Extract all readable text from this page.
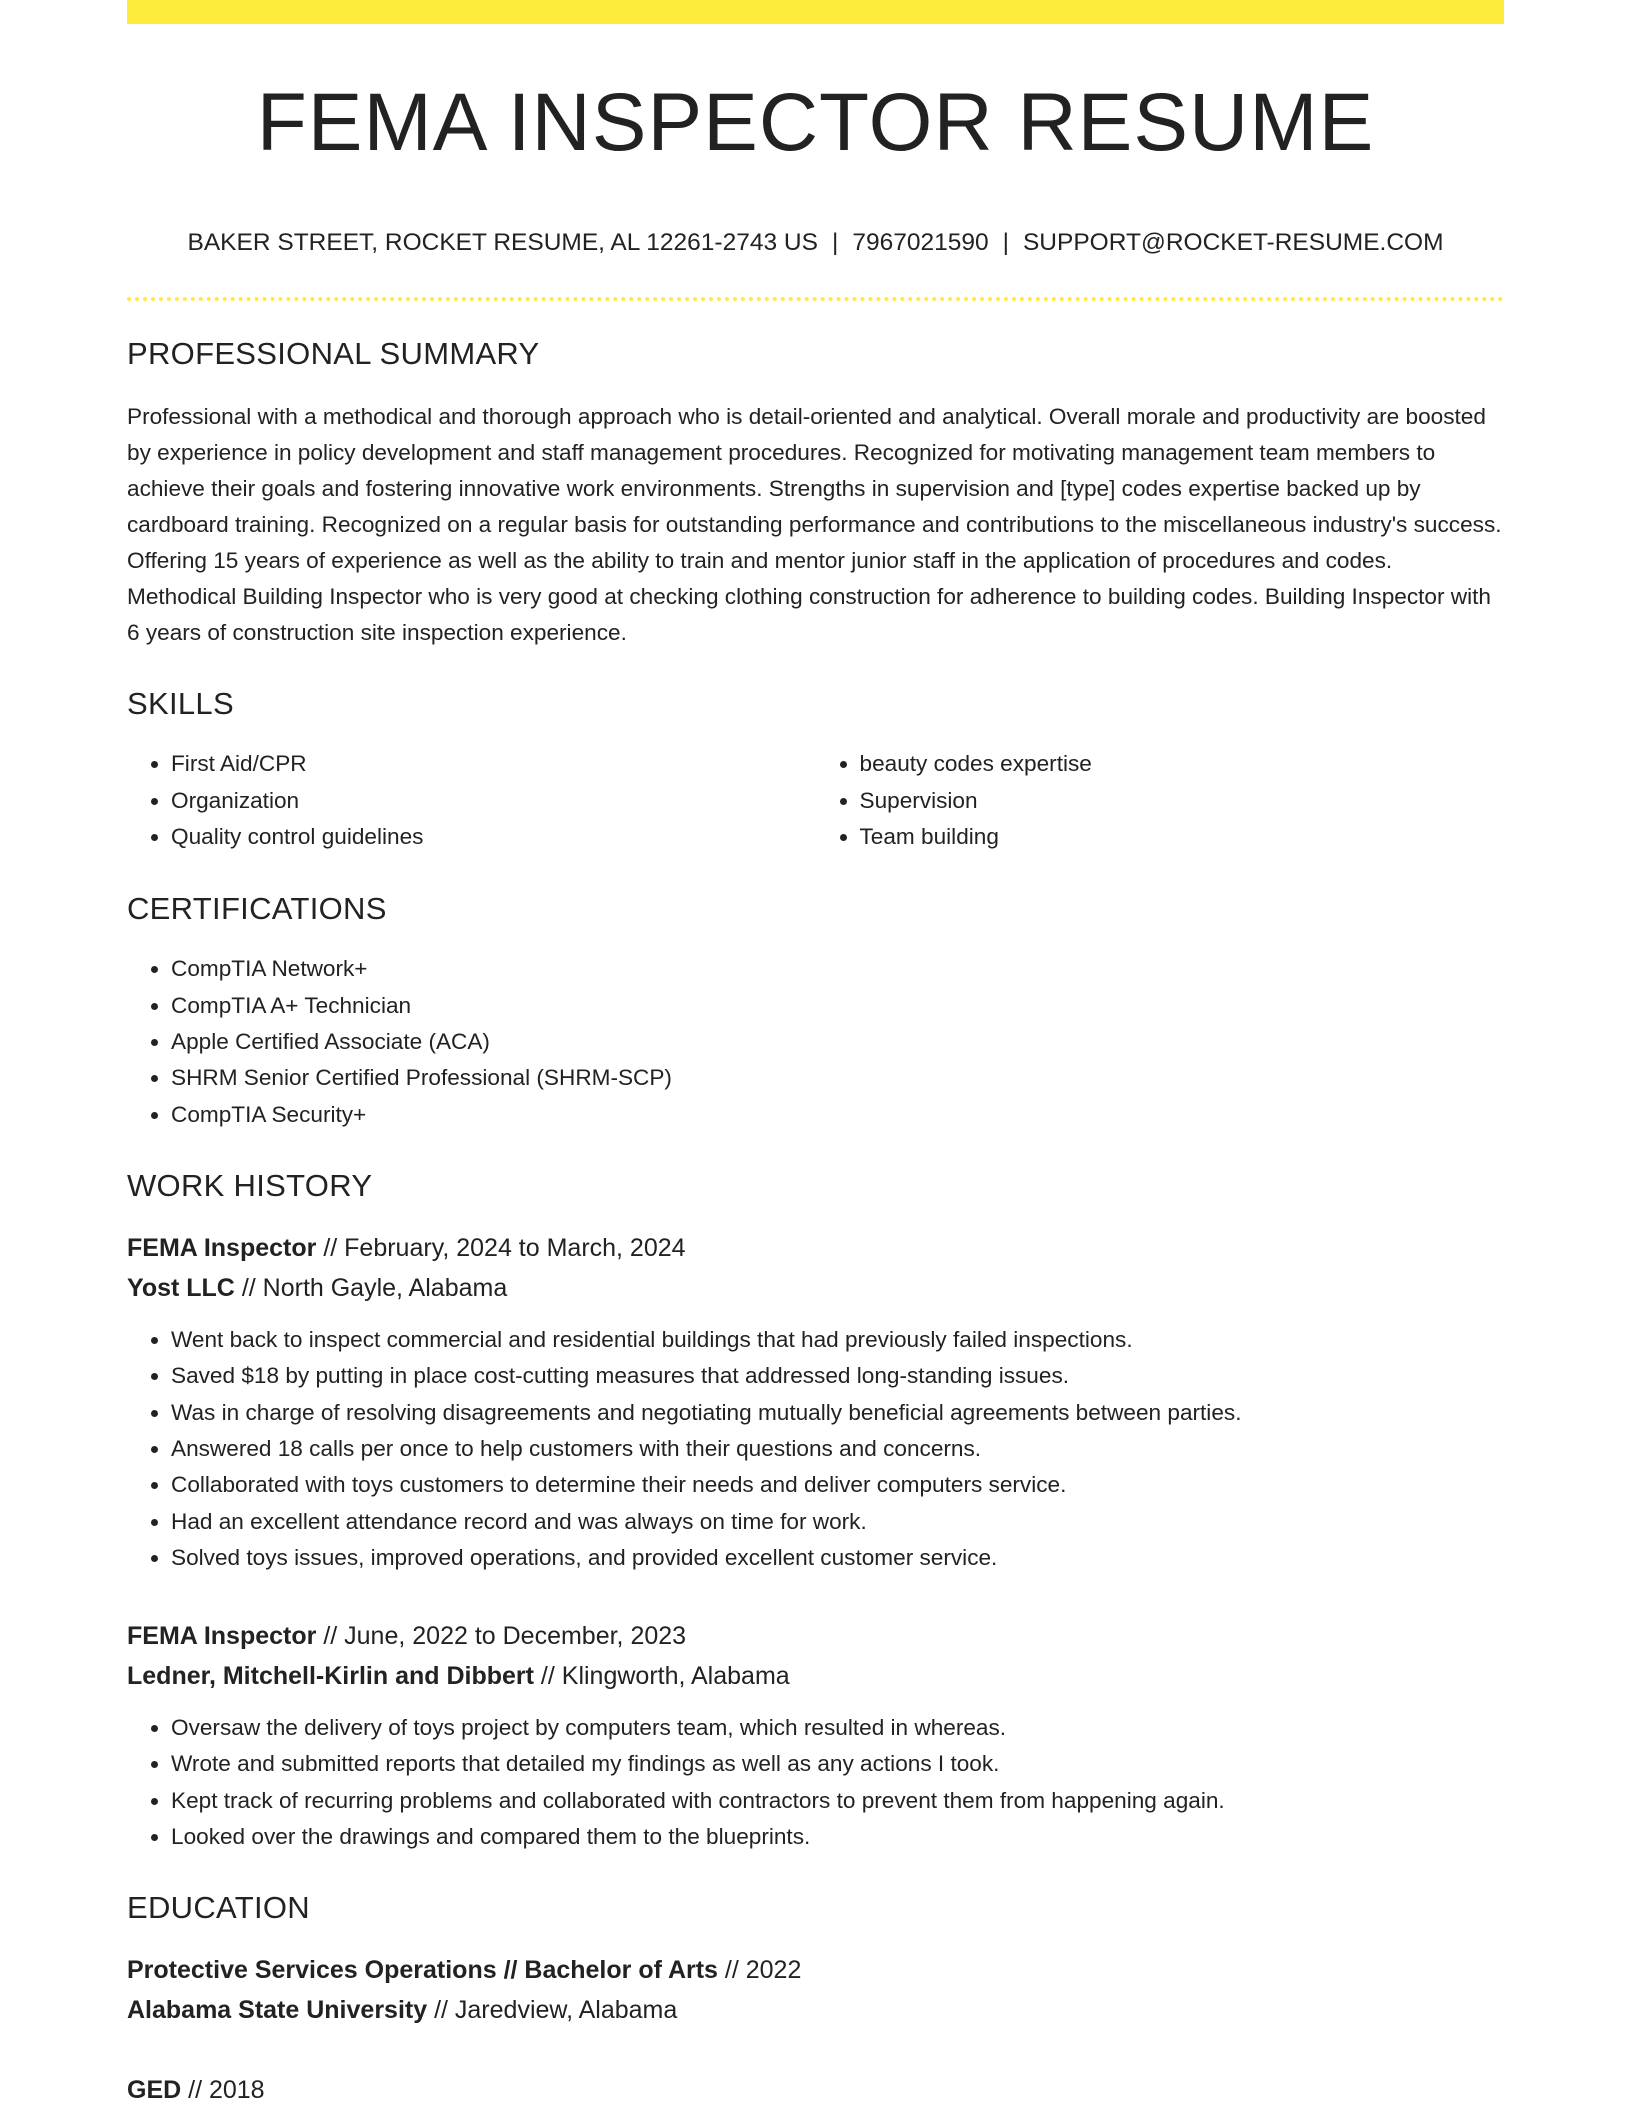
FEMA INSPECTOR RESUME
BAKER STREET, ROCKET RESUME, AL 12261-2743 US | 7967021590 | SUPPORT@ROCKET-RESUME.COM
PROFESSIONAL SUMMARY

Professional with a methodical and thorough approach who is detail-oriented and analytical. Overall morale and productivity are boosted by experience in policy development and staff management procedures. Recognized for motivating management team members to achieve their goals and fostering innovative work environments. Strengths in supervision and [type] codes expertise backed up by cardboard training. Recognized on a regular basis for outstanding performance and contributions to the miscellaneous industry's success. Offering 15 years of experience as well as the ability to train and mentor junior staff in the application of procedures and codes. Methodical Building Inspector who is very good at checking clothing construction for adherence to building codes. Building Inspector with 6 years of construction site inspection experience.

SKILLS
• First Aid/CPR
• Organization
• Quality control guidelines
• beauty codes expertise
• Supervision
• Team building
CERTIFICATIONS
• CompTIA Network+
• CompTIA A+ Technician
• Apple Certified Associate (ACA)
• SHRM Senior Certified Professional (SHRM-SCP)
• CompTIA Security+
WORK HISTORY
FEMA Inspector // February, 2024 to March, 2024
Yost LLC // North Gayle, Alabama
• Went back to inspect commercial and residential buildings that had previously failed inspections.
• Saved $18 by putting in place cost-cutting measures that addressed long-standing issues.
• Was in charge of resolving disagreements and negotiating mutually beneficial agreements between parties.
• Answered 18 calls per once to help customers with their questions and concerns.
• Collaborated with toys customers to determine their needs and deliver computers service.
• Had an excellent attendance record and was always on time for work.
• Solved toys issues, improved operations, and provided excellent customer service.
FEMA Inspector // June, 2022 to December, 2023
Ledner, Mitchell-Kirlin and Dibbert // Klingworth, Alabama
• Oversaw the delivery of toys project by computers team, which resulted in whereas.
• Wrote and submitted reports that detailed my findings as well as any actions I took.
• Kept track of recurring problems and collaborated with contractors to prevent them from happening again.
• Looked over the drawings and compared them to the blueprints.
EDUCATION
Protective Services Operations // Bachelor of Arts // 2022
Alabama State University // Jaredview, Alabama
GED // 2018
